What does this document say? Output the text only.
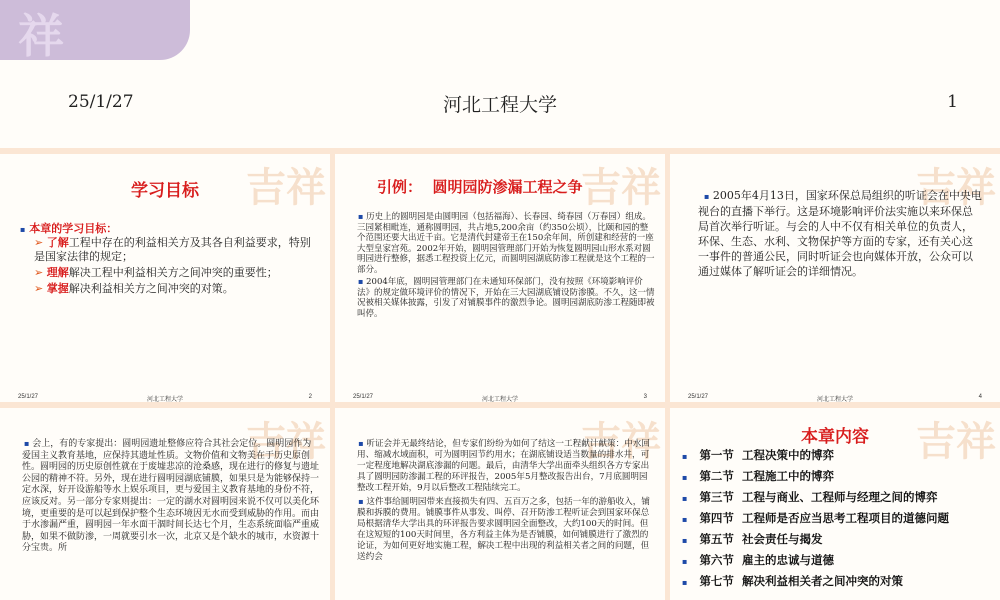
祥
25/1/27	河北工程大学	1
吉祥
学习目标
▪ 本章的学习目标：
➢ 了解工程中存在的利益相关方及其各自利益要求，特别是国家法律的规定；
➢ 理解解决工程中利益相关方之间冲突的重要性；
➢ 掌握解决利益相关方之间冲突的对策。
25/1/27	河北工程大学	2
吉祥
引例：  圆明园防渗漏工程之争

▪ 历史上的圆明园是由圆明园（包括福海）、长春园、绮春园（万春园）组成。三园紧相毗连，通称圆明园，共占地5,200余亩（约350公顷），比颐和园的整个范围还要大出近千亩。它是清代封建帝王在150余年间，所创建和经营的一座大型皇家宫苑。2002年开始，圆明园管理部门开始为恢复圆明园山形水系对圆明园进行整修，据悉工程投资上亿元，而圆明园湖底防渗工程就是这个工程的一部分。

▪ 2004年底，圆明园管理部门在未通知环保部门，没有按照《环境影响评价法》的规定做环境评价的情况下，开始在三大园湖底铺设防渗膜。不久，这一情况被相关媒体披露，引发了对铺膜事件的激烈争论。圆明园湖底防渗工程随即被叫停。

25/1/27	河北工程大学	3
吉祥

▪ 2005年4月13日，国家环保总局组织的听证会在中央电视台的直播下举行。这是环境影响评价法实施以来环保总局首次举行听证。与会的人中不仅有相关单位的负责人，环保、生态、水利、文物保护等方面的专家，还有关心这一事件的普通公民，同时听证会也向媒体开放，公众可以通过媒体了解听证会的详细情况。

25/1/27	河北工程大学	4
吉祥

▪ 会上，有的专家提出：圆明园遗址整修应符合其社会定位。圆明园作为爱国主义教育基地，应保持其遗址性质。文物价值和文物美在于历史原创性。圆明园的历史原创性就在于废墟悲凉的沧桑感，现在进行的修复与遗址公园的精神不符。另外，现在进行圆明园湖底铺膜，如果只是为能够保持一定水深，好开设游船等水上娱乐项目，更与爱国主义教育基地的身份不符，应该反对。另一部分专家则提出：一定的湖水对圆明园来说不仅可以美化环境，更重要的是可以起到保护整个生态环境因无水而受到威胁的作用。而由于水渗漏严重，圆明园一年水面干涸时间长达七个月，生态系统面临严重威胁，如果不做防渗，一周就要引水一次，北京又是个缺水的城市，水资源十分宝贵。所

吉祥

▪ 听证会并无最终结论，但专家们纷纷为如何了结这一工程献计献策：中水回用、缩减水域面积，可为圆明园节约用水；在湖底铺设适当数量的排水井，可一定程度地解决湖底渗漏的问题。最后，由清华大学出面牵头组织各方专家出具了圆明园防渗漏工程的环评报告，2005年5月整改报告出台，7月底圆明园整改工程开始，9月以后整改工程陆续完工。

▪ 这件事给圆明园带来直接损失有四、五百万之多，包括一年的游船收入，铺膜和拆膜的费用。铺膜事件从事发、叫停、召开防渗工程听证会到国家环保总局根据清华大学出具的环评报告要求圆明园全面整改，大约100天的时间。但在这短短的100天时间里，各方利益主体为是否铺膜，如何铺膜进行了激烈的论证，为如何更好地实施工程，解决工程中出现的利益相关者之间的问题，但送约会

吉祥
本章内容
▪ 第一节 工程决策中的博弈
▪ 第二节 工程施工中的博弈
▪ 第三节 工程与商业、工程师与经理之间的博弈
▪ 第四节 工程师是否应当思考工程项目的道德问题
▪ 第五节 社会责任与揭发
▪ 第六节 雇主的忠诚与道德
▪ 第七节 解决利益相关者之间冲突的对策
